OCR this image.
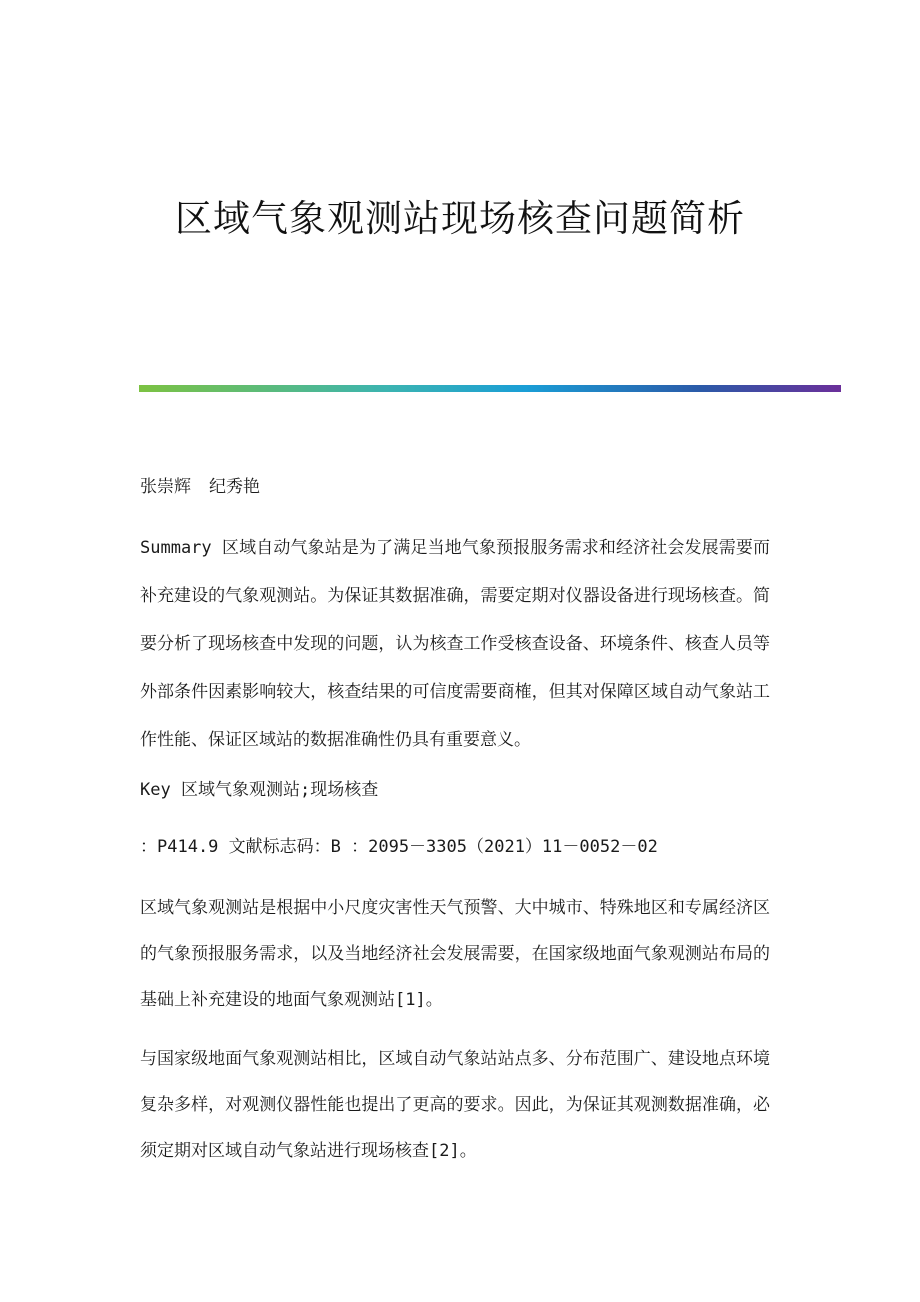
区域气象观测站现场核查问题简析
张崇辉 纪秀艳
Summary 区域自动气象站是为了满足当地气象预报服务需求和经济社会发展需要而补充建设的气象观测站。为保证其数据准确，需要定期对仪器设备进行现场核查。简要分析了现场核查中发现的问题，认为核查工作受核查设备、环境条件、核查人员等外部条件因素影响较大，核查结果的可信度需要商榷，但其对保障区域自动气象站工作性能、保证区域站的数据准确性仍具有重要意义。
Key 区域气象观测站;现场核查
：P414.9 文献标志码：B ：2095－3305（2021）11－0052－02

区域气象观测站是根据中小尺度灾害性天气预警、大中城市、特殊地区和专属经济区的气象预报服务需求，以及当地经济社会发展需要，在国家级地面气象观测站布局的基础上补充建设的地面气象观测站[1]。

与国家级地面气象观测站相比，区域自动气象站站点多、分布范围广、建设地点环境复杂多样，对观测仪器性能也提出了更高的要求。因此，为保证其观测数据准确，必须定期对区域自动气象站进行现场核查[2]。
